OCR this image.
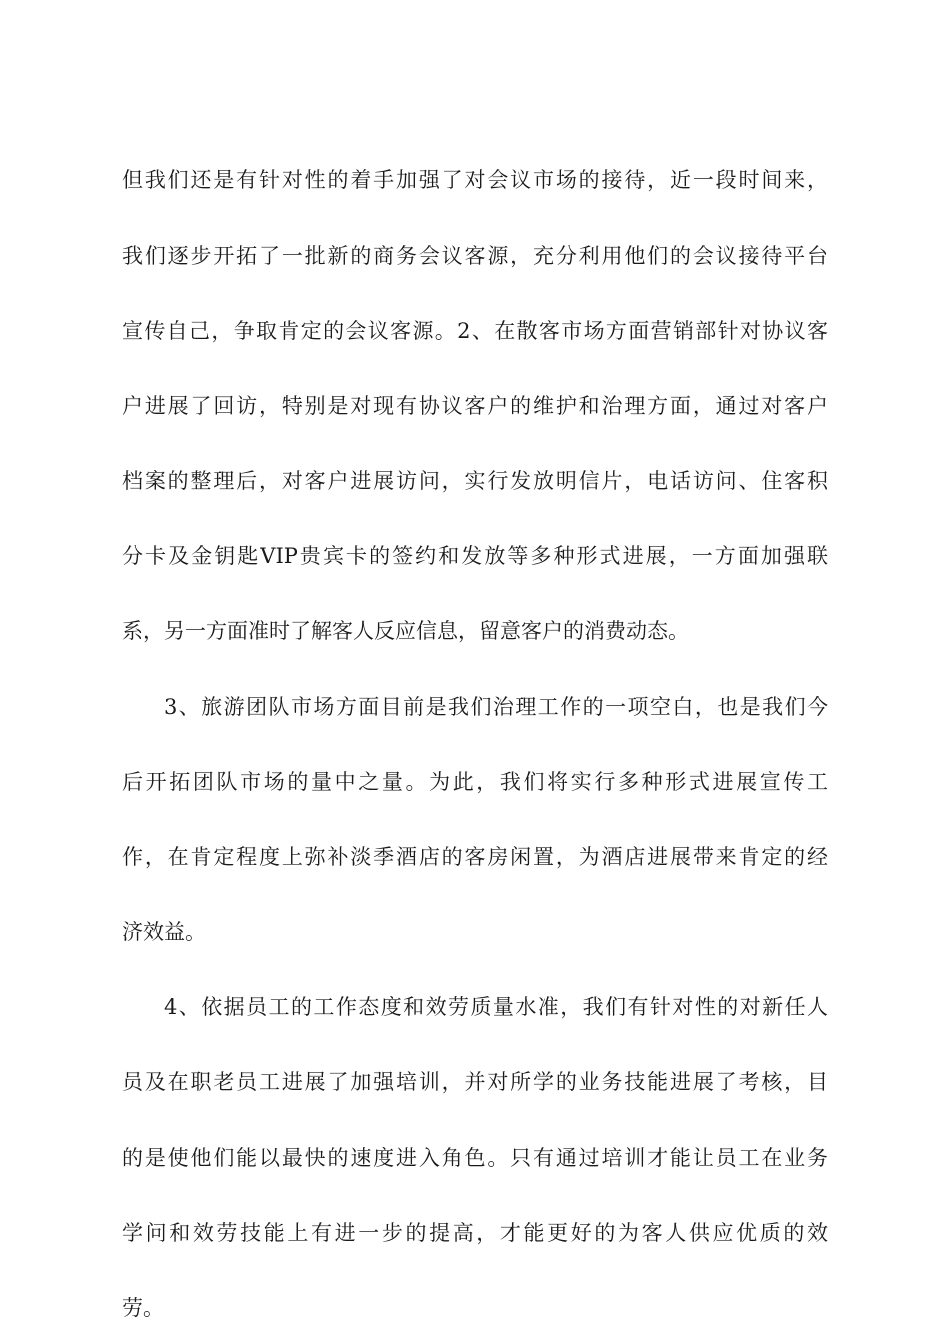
但我们还是有针对性的着手加强了对会议市场的接待，近一段时间来，
我们逐步开拓了一批新的商务会议客源，充分利用他们的会议接待平台
宣传自己，争取肯定的会议客源。2、在散客市场方面营销部针对协议客
户进展了回访，特别是对现有协议客户的维护和治理方面，通过对客户
档案的整理后，对客户进展访问，实行发放明信片，电话访问、住客积
分卡及金钥匙VIP贵宾卡的签约和发放等多种形式进展，一方面加强联
系，另一方面准时了解客人反应信息，留意客户的消费动态。
3、旅游团队市场方面目前是我们治理工作的一项空白，也是我们今
后开拓团队市场的量中之量。为此，我们将实行多种形式进展宣传工
作，在肯定程度上弥补淡季酒店的客房闲置，为酒店进展带来肯定的经
济效益。
4、依据员工的工作态度和效劳质量水准，我们有针对性的对新任人
员及在职老员工进展了加强培训，并对所学的业务技能进展了考核，目
的是使他们能以最快的速度进入角色。只有通过培训才能让员工在业务
学问和效劳技能上有进一步的提高，才能更好的为客人供应优质的效
劳。
